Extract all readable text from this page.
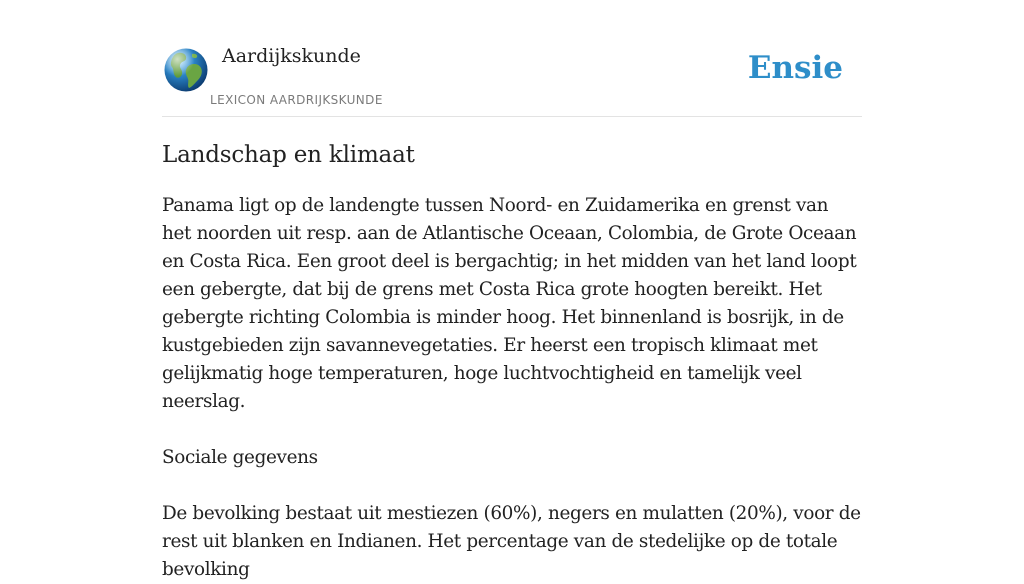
Aardijkskunde
LEXICON AARDRIJKSKUNDE
Ensie
Landschap en klimaat

Panama ligt op de landengte tussen Noord- en Zuidamerika en grenst van het noorden uit resp. aan de Atlantische Oceaan, Colombia, de Grote Oceaan en Costa Rica. Een groot deel is bergachtig; in het midden van het land loopt een gebergte, dat bij de grens met Costa Rica grote hoogten bereikt. Het gebergte richting Colombia is minder hoog. Het binnenland is bosrijk, in de kustgebieden zijn savannevegetaties. Er heerst een tropisch klimaat met gelijkmatig hoge temperaturen, hoge luchtvochtigheid en tamelijk veel neerslag.

Sociale gegevens

De bevolking bestaat uit mestiezen (60%), negers en mulatten (20%), voor de rest uit blanken en Indianen. Het percentage van de stedelijke op de totale bevolking
